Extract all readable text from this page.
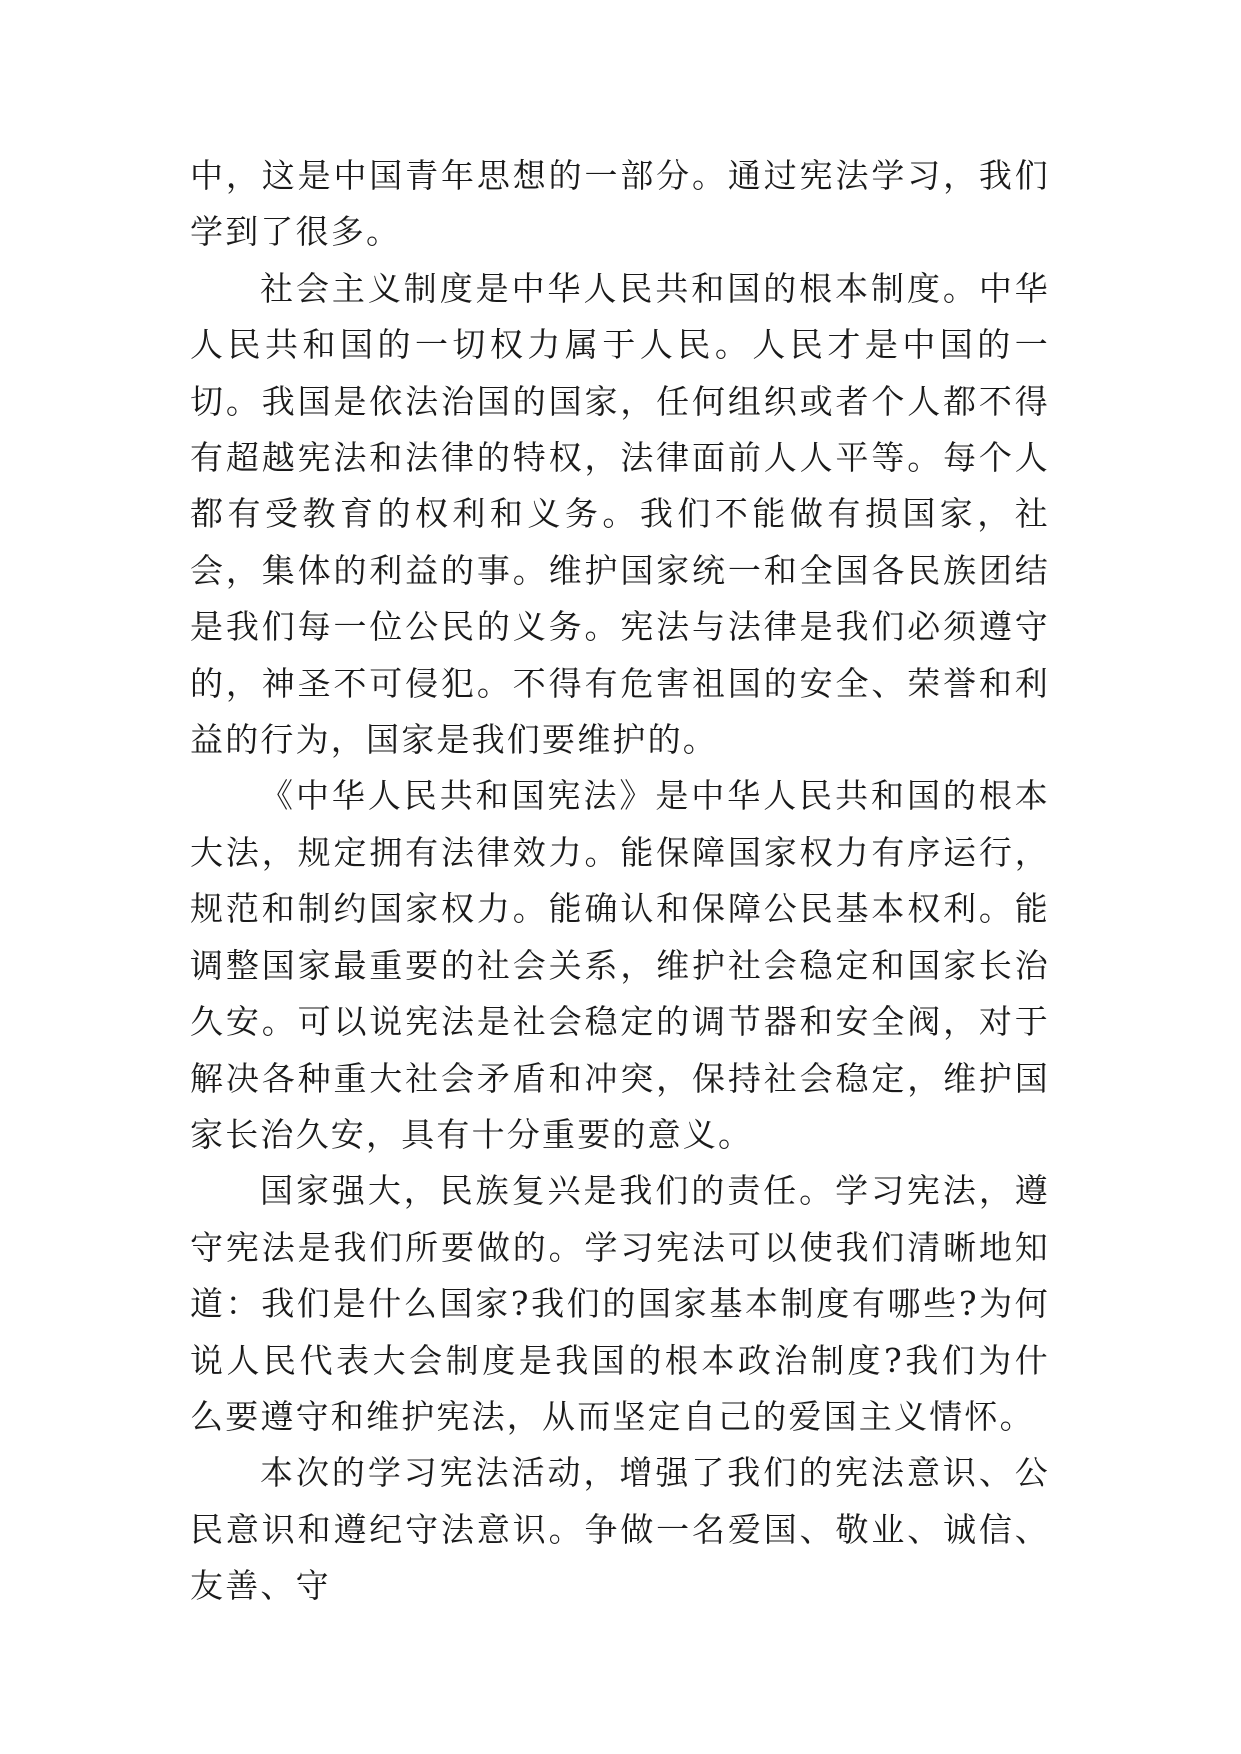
中，这是中国青年思想的一部分。通过宪法学习，我们学到了很多。

社会主义制度是中华人民共和国的根本制度。中华人民共和国的一切权力属于人民。人民才是中国的一切。我国是依法治国的国家，任何组织或者个人都不得有超越宪法和法律的特权，法律面前人人平等。每个人都有受教育的权利和义务。我们不能做有损国家，社会，集体的利益的事。维护国家统一和全国各民族团结是我们每一位公民的义务。宪法与法律是我们必须遵守的，神圣不可侵犯。不得有危害祖国的安全、荣誉和利益的行为，国家是我们要维护的。

《中华人民共和国宪法》是中华人民共和国的根本大法，规定拥有法律效力。能保障国家权力有序运行，规范和制约国家权力。能确认和保障公民基本权利。能调整国家最重要的社会关系，维护社会稳定和国家长治久安。可以说宪法是社会稳定的调节器和安全阀，对于解决各种重大社会矛盾和冲突，保持社会稳定，维护国家长治久安，具有十分重要的意义。

国家强大，民族复兴是我们的责任。学习宪法，遵守宪法是我们所要做的。学习宪法可以使我们清晰地知道：我们是什么国家?我们的国家基本制度有哪些?为何说人民代表大会制度是我国的根本政治制度?我们为什么要遵守和维护宪法，从而坚定自己的爱国主义情怀。

本次的学习宪法活动，增强了我们的宪法意识、公民意识和遵纪守法意识。争做一名爱国、敬业、诚信、友善、守
